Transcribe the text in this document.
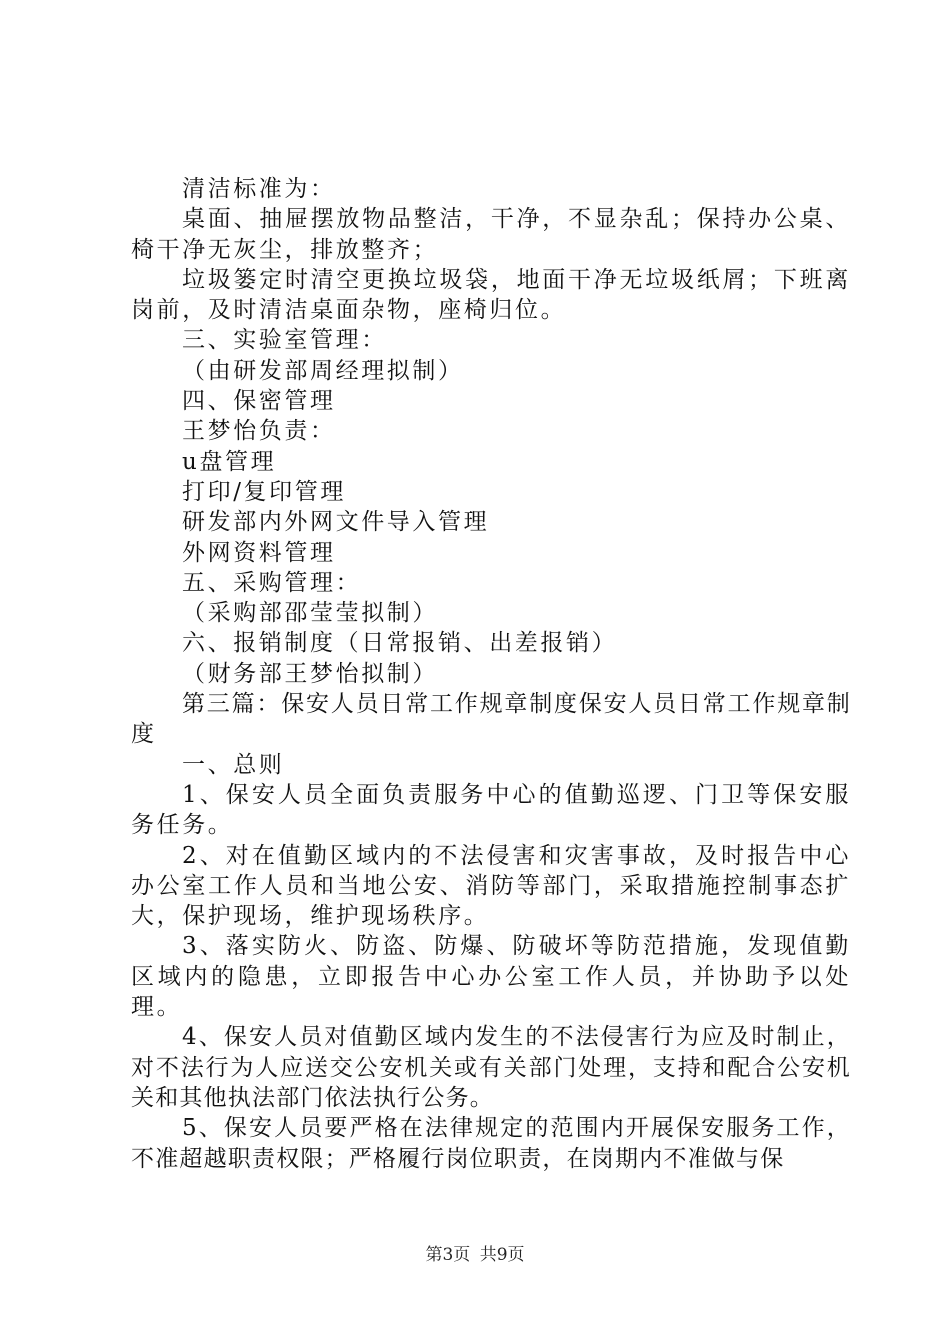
清洁标准为：

桌面、抽屉摆放物品整洁，干净，不显杂乱；保持办公桌、椅干净无灰尘，排放整齐；

垃圾篓定时清空更换垃圾袋，地面干净无垃圾纸屑；下班离岗前，及时清洁桌面杂物，座椅归位。

三、实验室管理：

（由研发部周经理拟制）

四、保密管理

王梦怡负责：

u盘管理

打印/复印管理

研发部内外网文件导入管理

外网资料管理

五、采购管理：

（采购部邵莹莹拟制）

六、报销制度（日常报销、出差报销）

（财务部王梦怡拟制）

第三篇：保安人员日常工作规章制度保安人员日常工作规章制度

一、总则

1、保安人员全面负责服务中心的值勤巡逻、门卫等保安服务任务。

2、对在值勤区域内的不法侵害和灾害事故，及时报告中心办公室工作人员和当地公安、消防等部门，采取措施控制事态扩大，保护现场，维护现场秩序。

3、落实防火、防盗、防爆、防破坏等防范措施，发现值勤区域内的隐患，立即报告中心办公室工作人员，并协助予以处理。

4、保安人员对值勤区域内发生的不法侵害行为应及时制止，对不法行为人应送交公安机关或有关部门处理，支持和配合公安机关和其他执法部门依法执行公务。

5、保安人员要严格在法律规定的范围内开展保安服务工作，不准超越职责权限；严格履行岗位职责，在岗期内不准做与保

第3页 共9页
